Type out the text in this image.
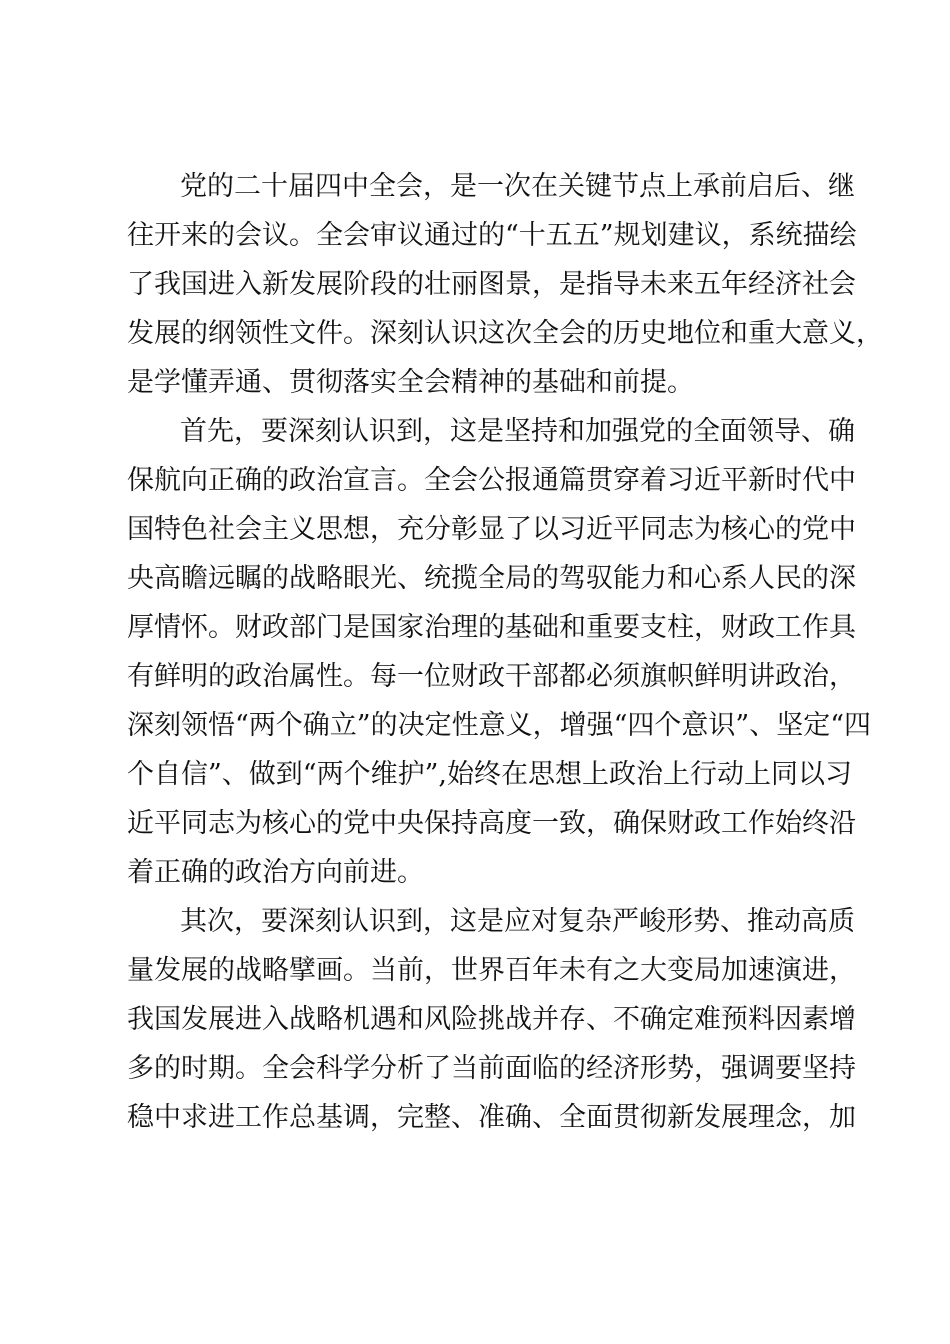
党的二十届四中全会，是一次在关键节点上承前启后、继
往开来的会议。全会审议通过的“十五五”规划建议，系统描绘
了我国进入新发展阶段的壮丽图景，是指导未来五年经济社会
发展的纲领性文件。深刻认识这次全会的历史地位和重大意义，
是学懂弄通、贯彻落实全会精神的基础和前提。
首先，要深刻认识到，这是坚持和加强党的全面领导、确
保航向正确的政治宣言。全会公报通篇贯穿着习近平新时代中
国特色社会主义思想，充分彰显了以习近平同志为核心的党中
央高瞻远瞩的战略眼光、统揽全局的驾驭能力和心系人民的深
厚情怀。财政部门是国家治理的基础和重要支柱，财政工作具
有鲜明的政治属性。每一位财政干部都必须旗帜鲜明讲政治，
深刻领悟“两个确立”的决定性意义，增强“四个意识”、坚定“四
个自信”、做到“两个维护”,始终在思想上政治上行动上同以习
近平同志为核心的党中央保持高度一致，确保财政工作始终沿
着正确的政治方向前进。
其次，要深刻认识到，这是应对复杂严峻形势、推动高质
量发展的战略擘画。当前，世界百年未有之大变局加速演进，
我国发展进入战略机遇和风险挑战并存、不确定难预料因素增
多的时期。全会科学分析了当前面临的经济形势，强调要坚持
稳中求进工作总基调，完整、准确、全面贯彻新发展理念，加
